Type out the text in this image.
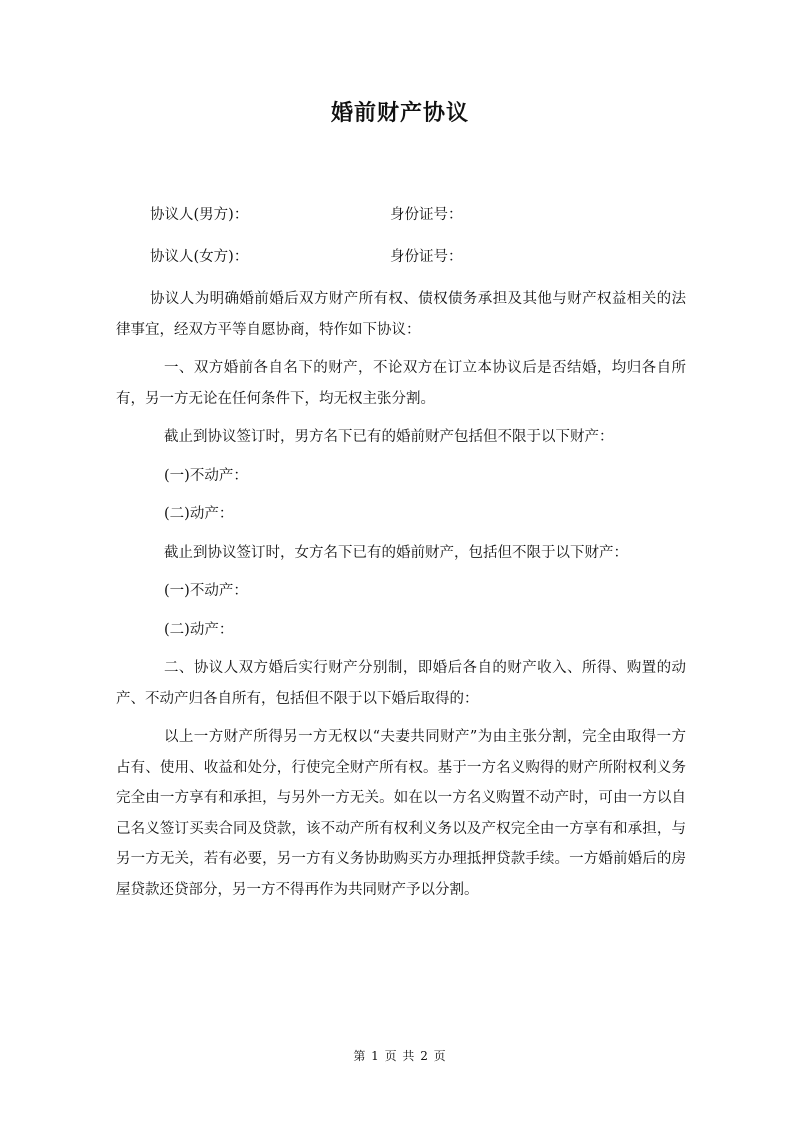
婚前财产协议
协议人(男方)：	身份证号：
协议人(女方)：	身份证号：

协议人为明确婚前婚后双方财产所有权、债权债务承担及其他与财产权益相关的法律事宜，经双方平等自愿协商，特作如下协议：

一、双方婚前各自名下的财产，不论双方在订立本协议后是否结婚，均归各自所有，另一方无论在任何条件下，均无权主张分割。

截止到协议签订时，男方名下已有的婚前财产包括但不限于以下财产：

(一)不动产：

(二)动产：

截止到协议签订时，女方名下已有的婚前财产，包括但不限于以下财产：

(一)不动产：

(二)动产：

二、协议人双方婚后实行财产分别制，即婚后各自的财产收入、所得、购置的动产、不动产归各自所有，包括但不限于以下婚后取得的：

以上一方财产所得另一方无权以“夫妻共同财产”为由主张分割，完全由取得一方占有、使用、收益和处分，行使完全财产所有权。基于一方名义购得的财产所附权利义务完全由一方享有和承担，与另外一方无关。如在以一方名义购置不动产时，可由一方以自己名义签订买卖合同及贷款，该不动产所有权利义务以及产权完全由一方享有和承担，与另一方无关，若有必要，另一方有义务协助购买方办理抵押贷款手续。一方婚前婚后的房屋贷款还贷部分，另一方不得再作为共同财产予以分割。

第 1 页 共 2 页
